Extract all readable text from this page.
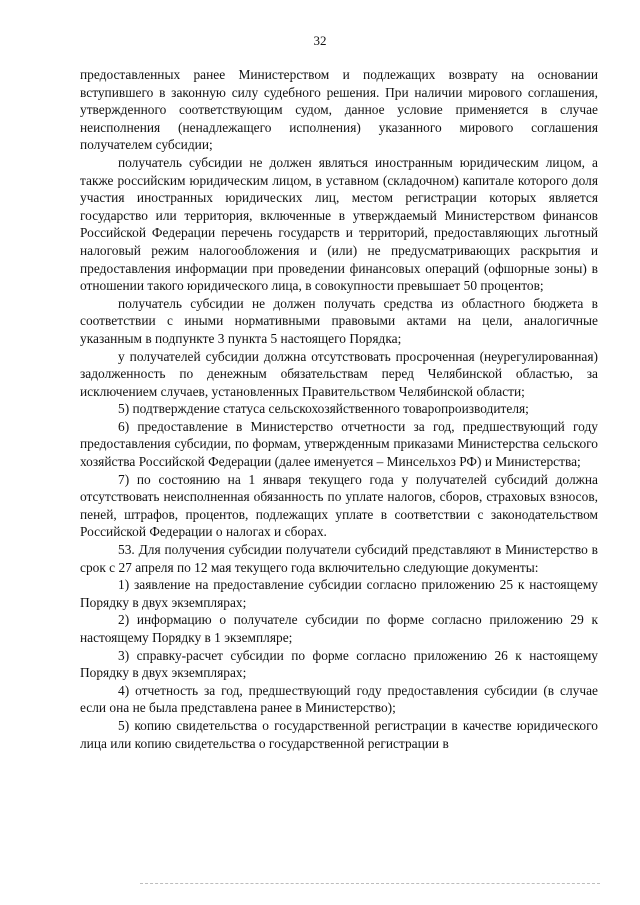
32

предоставленных ранее Министерством и подлежащих возврату на основании вступившего в законную силу судебного решения. При наличии мирового соглашения, утвержденного соответствующим судом, данное условие применяется в случае неисполнения (ненадлежащего исполнения) указанного мирового соглашения получателем субсидии;

получатель субсидии не должен являться иностранным юридическим лицом, а также российским юридическим лицом, в уставном (складочном) капитале которого доля участия иностранных юридических лиц, местом регистрации которых является государство или территория, включенные в утверждаемый Министерством финансов Российской Федерации перечень государств и территорий, предоставляющих льготный налоговый режим налогообложения и (или) не предусматривающих раскрытия и предоставления информации при проведении финансовых операций (офшорные зоны) в отношении такого юридического лица, в совокупности превышает 50 процентов;

получатель субсидии не должен получать средства из областного бюджета в соответствии с иными нормативными правовыми актами на цели, аналогичные указанным в подпункте 3 пункта 5 настоящего Порядка;

у получателей субсидии должна отсутствовать просроченная (неурегулированная) задолженность по денежным обязательствам перед Челябинской областью, за исключением случаев, установленных Правительством Челябинской области;

5) подтверждение статуса сельскохозяйственного товаропроизводителя;

6) предоставление в Министерство отчетности за год, предшествующий году предоставления субсидии, по формам, утвержденным приказами Министерства сельского хозяйства Российской Федерации (далее именуется – Минсельхоз РФ) и Министерства;

7) по состоянию на 1 января текущего года у получателей субсидий должна отсутствовать неисполненная обязанность по уплате налогов, сборов, страховых взносов, пеней, штрафов, процентов, подлежащих уплате в соответствии с законодательством Российской Федерации о налогах и сборах.

53. Для получения субсидии получатели субсидий представляют в Министерство в срок с 27 апреля по 12 мая текущего года включительно следующие документы:

1) заявление на предоставление субсидии согласно приложению 25 к настоящему Порядку в двух экземплярах;

2) информацию о получателе субсидии по форме согласно приложению 29 к настоящему Порядку в 1 экземпляре;

3) справку-расчет субсидии по форме согласно приложению 26 к настоящему Порядку в двух экземплярах;

4) отчетность за год, предшествующий году предоставления субсидии (в случае если она не была представлена ранее в Министерство);

5) копию свидетельства о государственной регистрации в качестве юридического лица или копию свидетельства о государственной регистрации в
